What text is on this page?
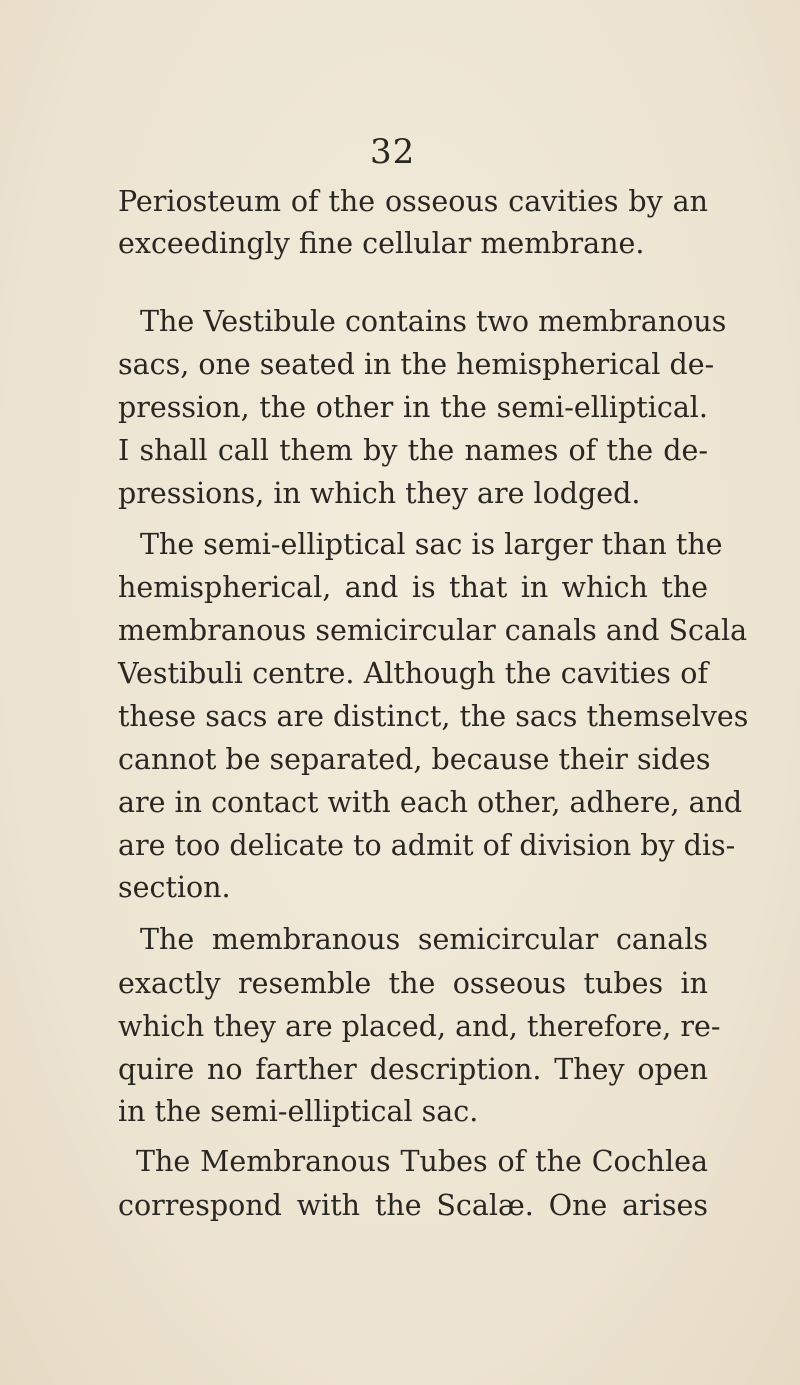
32
Periosteum of the osseous cavities by an
exceedingly fine cellular membrane.
The Vestibule contains two membranous
sacs, one seated in the hemispherical de-
pression, the other in the semi-elliptical.
I shall call them by the names of the de-
pressions, in which they are lodged.
The semi-elliptical sac is larger than the
hemispherical, and is that in which the
membranous semicircular canals and Scala
Vestibuli centre. Although the cavities of
these sacs are distinct, the sacs themselves
cannot be separated, because their sides
are in contact with each other, adhere, and
are too delicate to admit of division by dis-
section.
The membranous semicircular canals
exactly resemble the osseous tubes in
which they are placed, and, therefore, re-
quire no farther description. They open
in the semi-elliptical sac.
The Membranous Tubes of the Cochlea
correspond with the Scalæ. One arises
